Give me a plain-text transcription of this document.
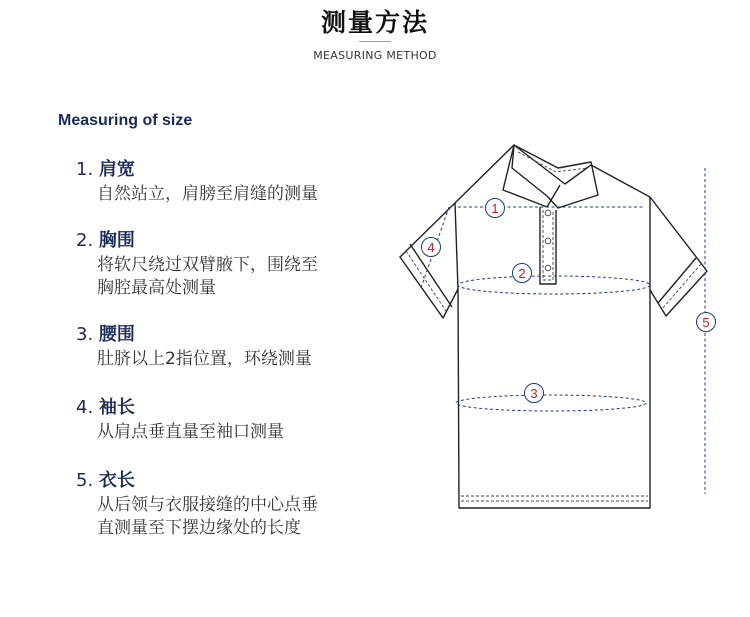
测量方法
MEASURING METHOD
Measuring of size
1. 肩宽
自然站立，肩膀至肩缝的测量
2. 胸围
将软尺绕过双臂腋下，围绕至
胸腔最高处测量
3. 腰围
肚脐以上2指位置，环绕测量
4. 袖长
从肩点垂直量至袖口测量
5. 衣长
从后领与衣服接缝的中心点垂
直测量至下摆边缘处的长度
1
2
3
4
5
